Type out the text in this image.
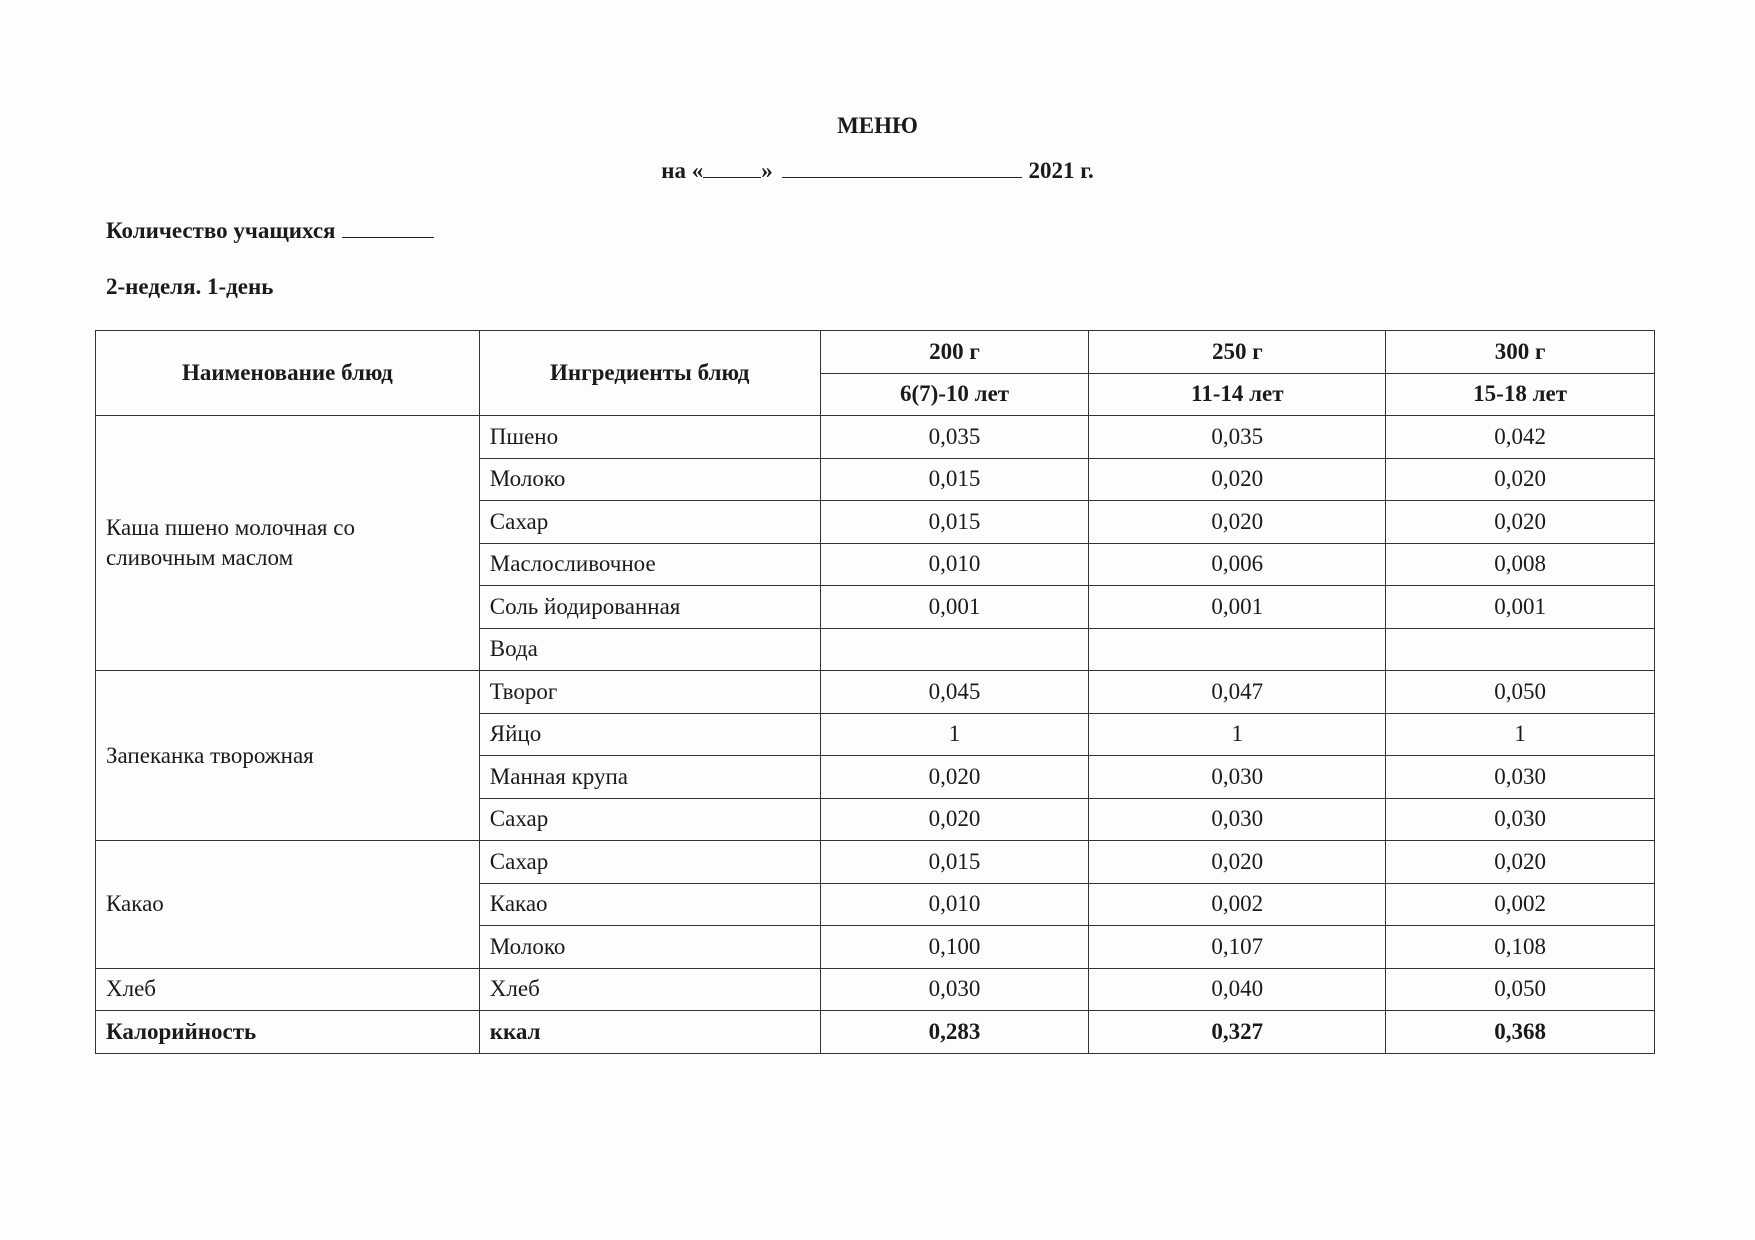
МЕНЮ
на «	»	2021 г.
Количество учащихся
2-неделя. 1-день
Наименование блюд	Ингредиенты блюд	200 г	250 г	300 г
		6(7)-10 лет	11-14 лет	15-18 лет
Каша пшено молочная со сливочным маслом	Пшено	0,035	0,035	0,042
	Молоко	0,015	0,020	0,020
	Сахар	0,015	0,020	0,020
	Маслосливочное	0,010	0,006	0,008
	Соль йодированная	0,001	0,001	0,001
	Вода			
Запеканка творожная	Творог	0,045	0,047	0,050
	Яйцо	1	1	1
	Манная крупа	0,020	0,030	0,030
	Сахар	0,020	0,030	0,030
Какао	Сахар	0,015	0,020	0,020
	Какао	0,010	0,002	0,002
	Молоко	0,100	0,107	0,108
Хлеб	Хлеб	0,030	0,040	0,050
Калорийность	ккал	0,283	0,327	0,368
